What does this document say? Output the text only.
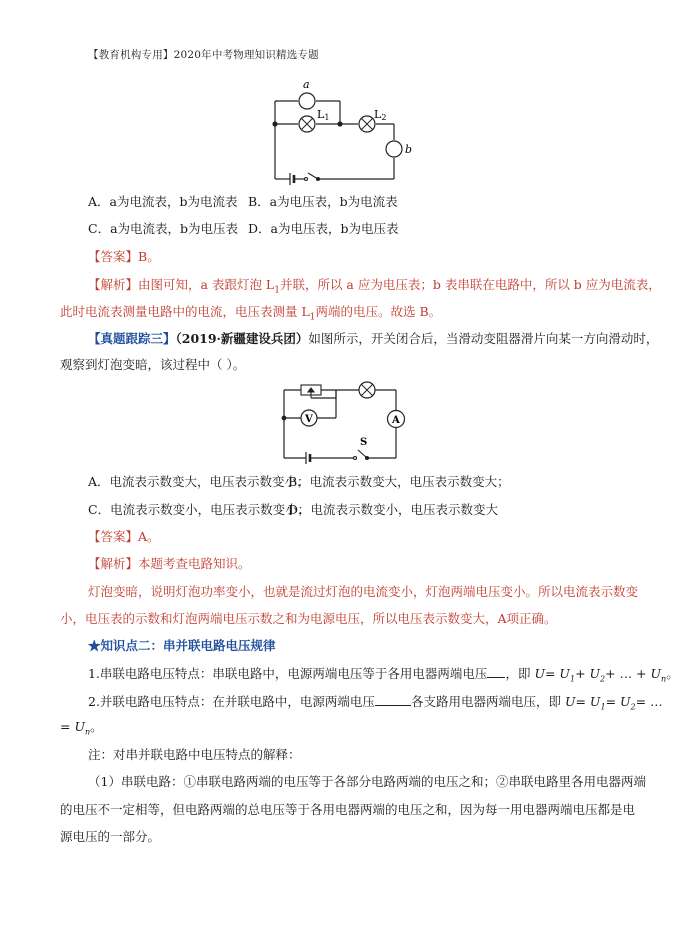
【教育机构专用】2020年中考物理知识精选专题
a
L1	L2
b
A．a为电流表，b为电流表 B．a为电压表，b为电流表
C．a为电流表，b为电压表 D．a为电压表，b为电压表
【答案】B。
【解析】由图可知，a 表跟灯泡 $L_1$并联，所以 a 应为电压表；b 表串联在电路中，所以 b 应为电流表，
此时电流表测量电路中的电流，电压表测量 $L_1$两端的电压。故选 B。
【真题跟踪三】（2019·新疆建设兵团）如图所示，开关闭合后，当滑动变阻器滑片向某一方向滑动时，
观察到灯泡变暗，该过程中（ ）。
V	A
S
A．电流表示数变大，电压表示数变小；
B．电流表示数变大，电压表示数变大；
C．电流表示数变小，电压表示数变小；
D．电流表示数变小，电压表示数变大
【答案】A。
【解析】本题考查电路知识。
灯泡变暗，说明灯泡功率变小，也就是流过灯泡的电流变小，灯泡两端电压变小。所以电流表示数变
小，电压表的示数和灯泡两端电压示数之和为电源电压，所以电压表示数变大，A项正确。
★知识点二：串并联电路电压规律
1.串联电路电压特点：串联电路中，电源两端电压等于各用电器两端电压 ，即 $U= U_1+ U_2+$ … + $U_n$。
2.并联电路电压特点：在并联电路中，电源两端电压	各支路用电器两端电压，即 $U= U_1= U_2=$ …
= $U_n$。
注：对串并联电路中电压特点的解释：
（1）串联电路：①串联电路两端的电压等于各部分电路两端的电压之和；②串联电路里各用电器两端
的电压不一定相等，但电路两端的总电压等于各用电器两端的电压之和，因为每一用电器两端电压都是电
源电压的一部分。
